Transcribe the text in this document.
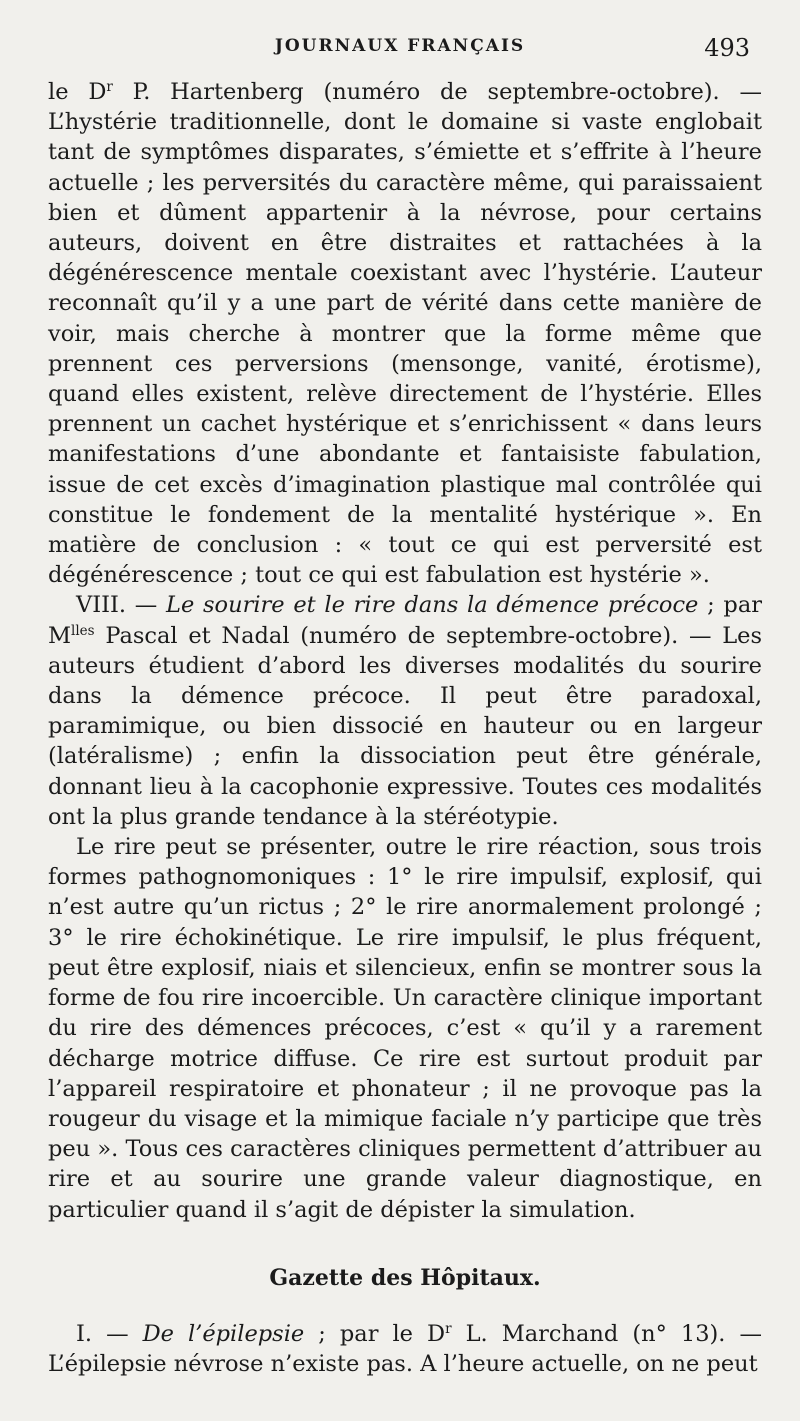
JOURNAUX FRANÇAIS	493

le $D^r$ P. Hartenberg (numéro de septembre-octobre). — L’hystérie traditionnelle, dont le domaine si vaste englobait tant de symptômes disparates, s’émiette et s’effrite à l’heure actuelle ; les perversités du caractère même, qui paraissaient bien et dûment appartenir à la névrose, pour certains auteurs, doivent en être distraites et rattachées à la dégénérescence mentale coexistant avec l’hystérie. L’auteur reconnaît qu’il y a une part de vérité dans cette manière de voir, mais cherche à montrer que la forme même que prennent ces perversions (mensonge, vanité, érotisme), quand elles existent, relève directement de l’hystérie. Elles prennent un cachet hystérique et s’enrichissent « dans leurs manifestations d’une abondante et fantaisiste fabulation, issue de cet excès d’imagination plastique mal contrôlée qui constitue le fondement de la mentalité hystérique ». En matière de conclusion : « tout ce qui est perversité est dégénérescence ; tout ce qui est fabulation est hystérie ».

VIII. — Le sourire et le rire dans la démence précoce ; par $M^{lles}$ Pascal et Nadal (numéro de septembre-octobre). — Les auteurs étudient d’abord les diverses modalités du sourire dans la démence précoce. Il peut être paradoxal, paramimique, ou bien dissocié en hauteur ou en largeur (latéralisme) ; enfin la dissociation peut être générale, donnant lieu à la cacophonie expressive. Toutes ces modalités ont la plus grande tendance à la stéréotypie.

Le rire peut se présenter, outre le rire réaction, sous trois formes pathognomoniques : 1° le rire impulsif, explosif, qui n’est autre qu’un rictus ; 2° le rire anormalement prolongé ; 3° le rire échokinétique. Le rire impulsif, le plus fréquent, peut être explosif, niais et silencieux, enfin se montrer sous la forme de fou rire incoercible. Un caractère clinique important du rire des démences précoces, c’est « qu’il y a rarement décharge motrice diffuse. Ce rire est surtout produit par l’appareil respiratoire et phonateur ; il ne provoque pas la rougeur du visage et la mimique faciale n’y participe que très peu ». Tous ces caractères cliniques permettent d’attribuer au rire et au sourire une grande valeur diagnostique, en particulier quand il s’agit de dépister la simulation.

Gazette des Hôpitaux.

I. — De l’épilepsie ; par le $D^r$ L. Marchand (n° 13). — L’épilepsie névrose n’existe pas. A l’heure actuelle, on ne peut
